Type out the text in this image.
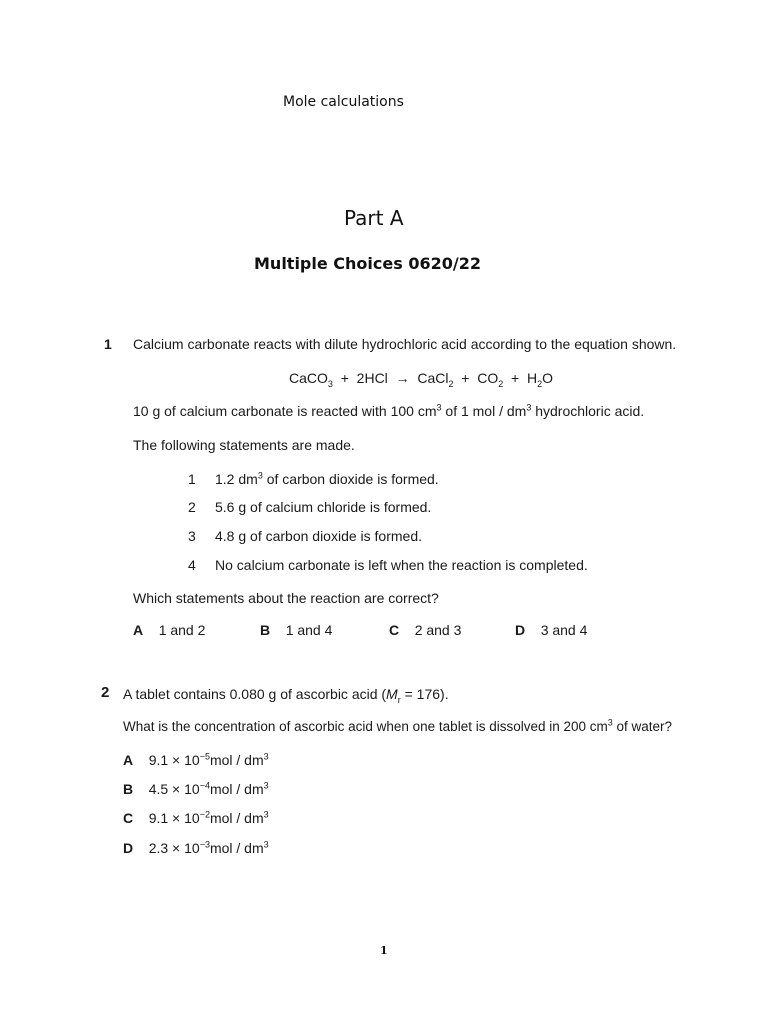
Mole calculations
Part A
Multiple Choices 0620/22
1 Calcium carbonate reacts with dilute hydrochloric acid according to the equation shown.
CaCO$_3$ + 2HCl → CaCl$_2$ + $CO_2 + H_2O$
10 g of calcium carbonate is reacted with 100 $cm^3$ of 1 mol / $dm^3$ hydrochloric acid.
The following statements are made.
1 1.2 $dm^3$ of carbon dioxide is formed.
2 5.6 g of calcium chloride is formed.
3 4.8 g of carbon dioxide is formed.
4 No calcium carbonate is left when the reaction is completed.
Which statements about the reaction are correct?
A 1 and 2	B 1 and 4	C 2 and 3	D 3 and 4
2 A tablet contains 0.080 g of ascorbic acid $(M_r = 176)$.
What is the concentration of ascorbic acid when one tablet is dissolved in 200 $cm^3$ of water?
A $9.1 \times 10^{-5}mol / dm^3$
B $4.5 \times 10^{-4}mol / dm^3$
C $9.1 \times 10^{-2}mol / dm^3$
D $2.3 \times 10^{-3}mol / dm^3$
1
